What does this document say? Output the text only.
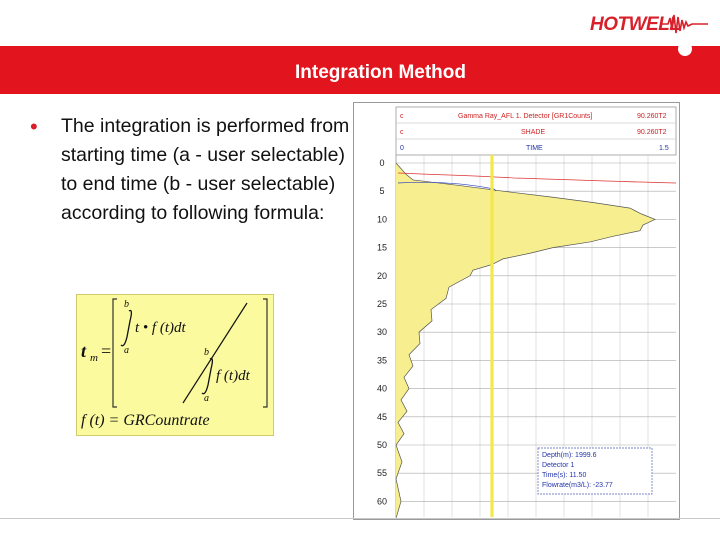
HOTWELL
Integration Method
• The integration is performed from starting time (a - user selectable) to end time (b - user selectable) according to following formula:
t m =
b
a
t • f (t)dt
b
a
f (t)dt
f (t) = GRCountrate
c	Gamma Ray_AFL 1. Detector [GR1Counts]	90.260T2
c	SHADE	90.260T2
0	TIME	1.5
0
5
10
15
20
25
30
35
40
45
50
55
60
Depth(m): 1999.6
Detector 1
Time(s): 11.50
Flowrate(m3/L): -23.77
